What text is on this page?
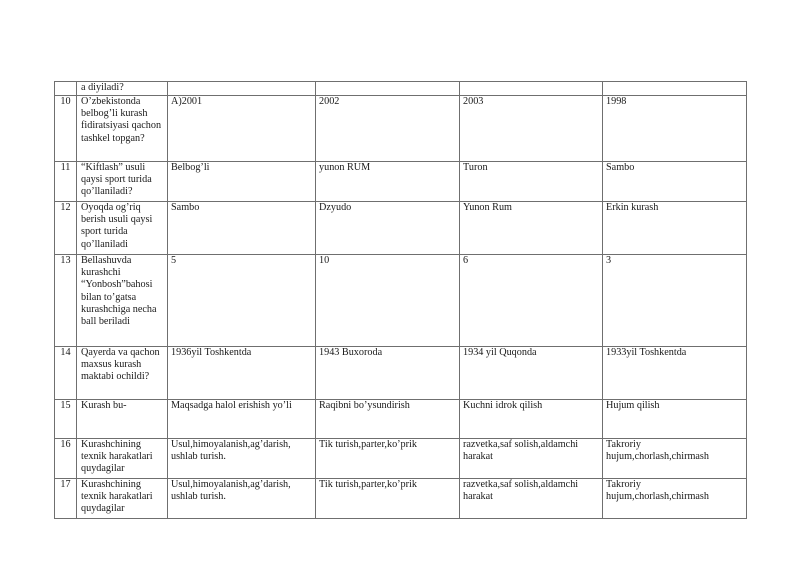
	a diyiladi?				
10	O’zbekistonda belbog’li kurash fidiratsiyasi qachon tashkel topgan?	A)2001	2002	2003	1998
11	“Kiftlash” usuli qaysi sport turida qo’llaniladi?	Belbog’li	yunon RUM	Turon	Sambo
12	Oyoqda og’riq berish usuli qaysi sport turida qo’llaniladi	Sambo	Dzyudo	Yunon Rum	Erkin kurash
13	Bellashuvda kurashchi “Yonbosh”bahosi bilan to’gatsa kurashchiga necha ball beriladi	5	10	6	3
14	Qayerda va qachon maxsus kurash maktabi ochildi?	1936yil Toshkentda	1943 Buxoroda	1934 yil Quqonda	1933yil Toshkentda
15	Kurash bu-	Maqsadga halol erishish yo’li	Raqibni bo’ysundirish	Kuchni idrok qilish	Hujum qilish
16	Kurashchining texnik harakatlari quydagilar	Usul,himoyalanish,ag’darish, ushlab turish.	Tik turish,parter,ko’prik	razvetka,saf solish,aldamchi harakat	Takroriy hujum,chorlash,chirmash
17	Kurashchining texnik harakatlari quydagilar	Usul,himoyalanish,ag’darish, ushlab turish.	Tik turish,parter,ko’prik	razvetka,saf solish,aldamchi harakat	Takroriy hujum,chorlash,chirmash
